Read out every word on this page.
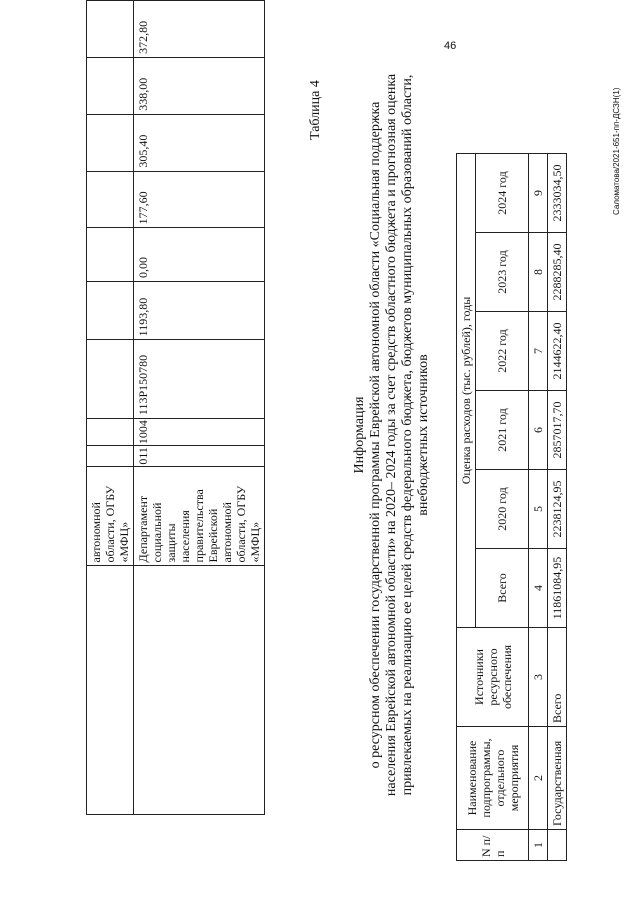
46
	автономной области, ОГБУ «МФЦ»									
	Департамент социальной защиты населения правительства Еврейской автономной области, ОГБУ «МФЦ»	011	1004	113Р150780	1193,80	0,00	177,60	305,40	338,00	372,80
Таблица 4
Информация о ресурсном обеспечении государственной программы Еврейской автономной области «Социальная поддержка населения Еврейской автономной области» на 2020– 2024 годы за счет средств областного бюджета и прогнозная оценка привлекаемых на реализацию ее целей средств федерального бюджета, бюджетов муниципальных образований области, внебюджетных источников
N п/п	Наименование подпрограммы, отдельного мероприятия	Источники ресурсного обеспечения	Оценка расходов (тыс. рублей), годы					
			Всего	2020 год	2021 год	2022 год	2023 год	2024 год
1	2	3	4	5	6	7	8	9
	Государственная	Всего	11861084,95	2238124,95	2857017,70	2144622,40	2288285,40	2333034,50	Саломатова/2021-651-пп-ДСЗН(1)
